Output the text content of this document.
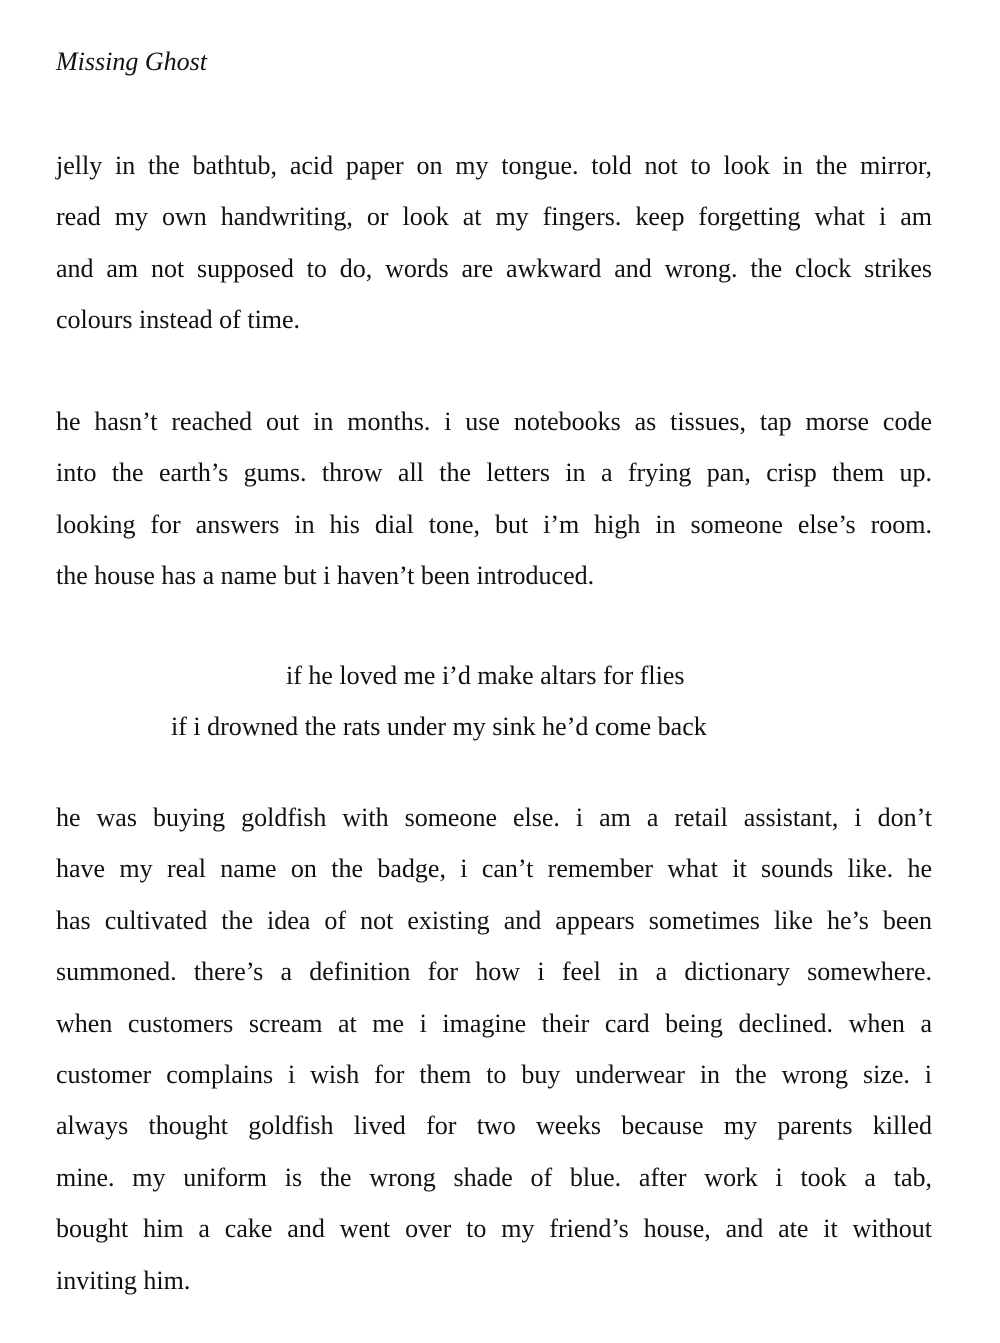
Missing Ghost

jelly in the bathtub, acid paper on my tongue. told not to look in the mirror,
read my own handwriting, or look at my fingers. keep forgetting what i am
and am not supposed to do, words are awkward and wrong. the clock strikes
colours instead of time.

he hasn’t reached out in months. i use notebooks as tissues, tap morse code
into the earth’s gums. throw all the letters in a frying pan, crisp them up.
looking for answers in his dial tone, but i’m high in someone else’s room.
the house has a name but i haven’t been introduced.

if he loved me i’d make altars for flies

if i drowned the rats under my sink he’d come back

he was buying goldfish with someone else. i am a retail assistant, i don’t
have my real name on the badge, i can’t remember what it sounds like. he
has cultivated the idea of not existing and appears sometimes like he’s been
summoned. there’s a definition for how i feel in a dictionary somewhere.
when customers scream at me i imagine their card being declined. when a
customer complains i wish for them to buy underwear in the wrong size. i
always thought goldfish lived for two weeks because my parents killed
mine. my uniform is the wrong shade of blue. after work i took a tab,
bought him a cake and went over to my friend’s house, and ate it without
inviting him.
